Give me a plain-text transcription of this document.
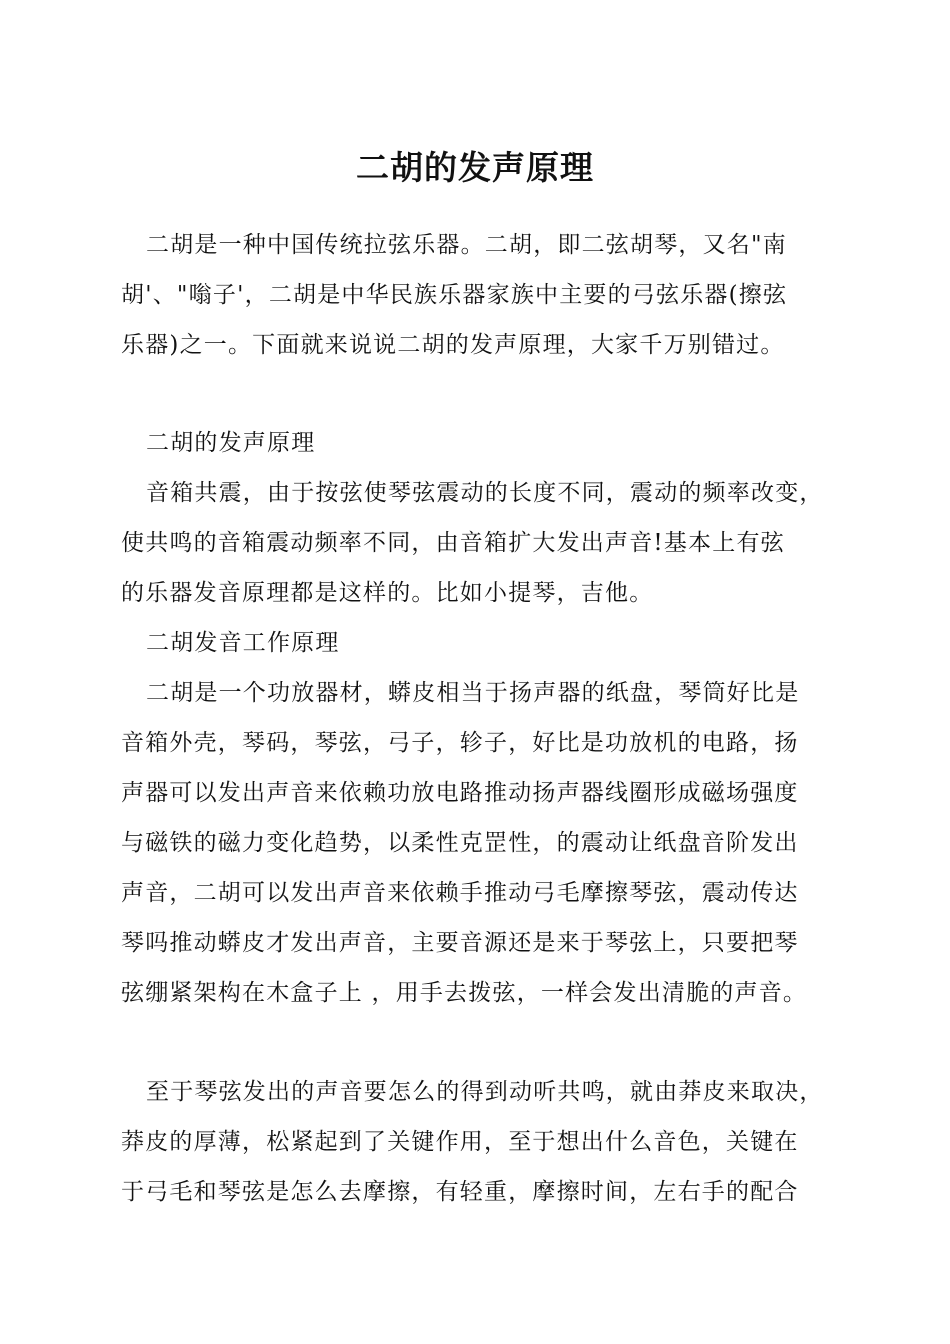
二胡的发声原理
二胡是一种中国传统拉弦乐器。二胡，即二弦胡琴，又名"南
胡'、"嗡子'，二胡是中华民族乐器家族中主要的弓弦乐器(擦弦
乐器)之一。下面就来说说二胡的发声原理，大家千万别错过。
二胡的发声原理
音箱共震，由于按弦使琴弦震动的长度不同，震动的频率改变，
使共鸣的音箱震动频率不同，由音箱扩大发出声音!基本上有弦
的乐器发音原理都是这样的。比如小提琴，吉他。
二胡发音工作原理
二胡是一个功放器材，蟒皮相当于扬声器的纸盘，琴筒好比是
音箱外壳，琴码，琴弦，弓子，轸子，好比是功放机的电路，扬
声器可以发出声音来依赖功放电路推动扬声器线圈形成磁场强度
与磁铁的磁力变化趋势，以柔性克罡性，的震动让纸盘音阶发出
声音，二胡可以发出声音来依赖手推动弓毛摩擦琴弦，震动传达
琴吗推动蟒皮才发出声音，主要音源还是来于琴弦上，只要把琴
弦绷紧架构在木盒子上 ，用手去拨弦，一样会发出清脆的声音。
至于琴弦发出的声音要怎么的得到动听共鸣，就由莽皮来取决，
莽皮的厚薄，松紧起到了关键作用，至于想出什么音色，关键在
于弓毛和琴弦是怎么去摩擦，有轻重，摩擦时间，左右手的配合
